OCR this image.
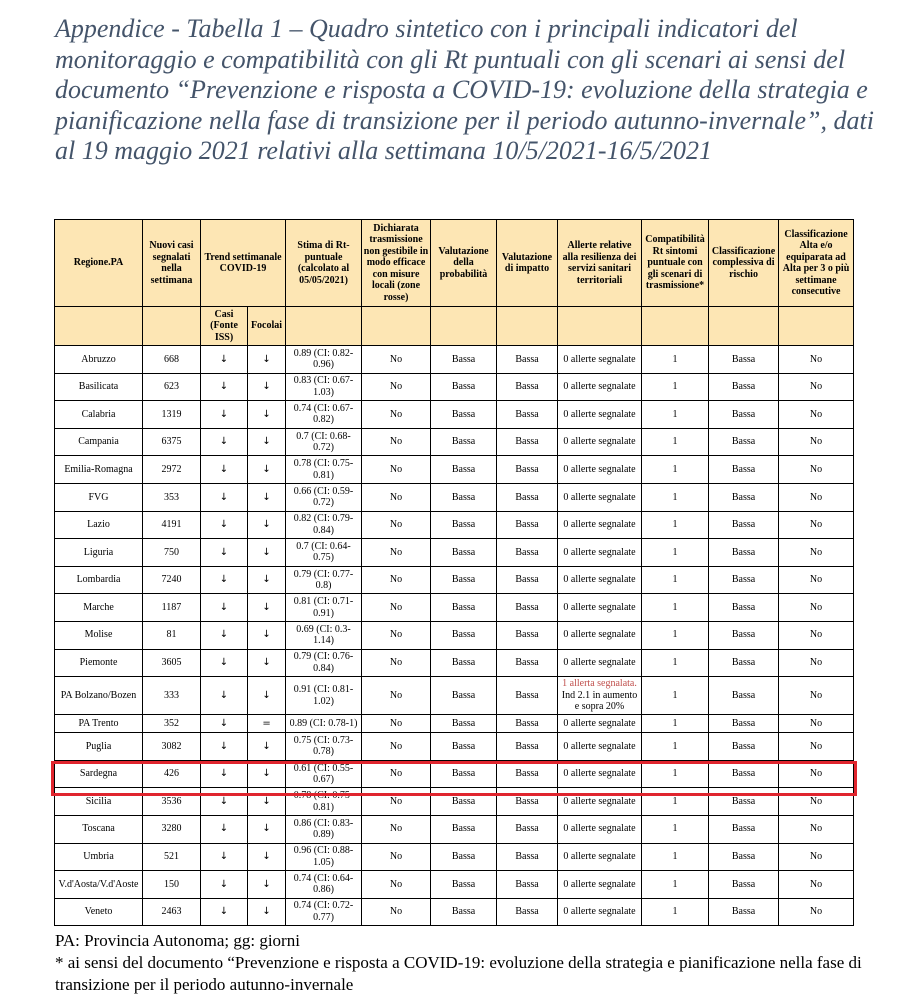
Appendice - Tabella 1 – Quadro sintetico con i principali indicatori del monitoraggio e compatibilità con gli Rt puntuali con gli scenari ai sensi del documento “Prevenzione e risposta a COVID-19: evoluzione della strategia e pianificazione nella fase di transizione per il periodo autunno-invernale”, dati al 19 maggio 2021 relativi alla settimana 10/5/2021-16/5/2021
Regione.PA	Nuovi casi segnalati nella settimana	Trend settimanale COVID-19		Stima di Rt-puntuale (calcolato al 05/05/2021)	Dichiarata trasmissione non gestibile in modo efficace con misure locali (zone rosse)	Valutazione della probabilità	Valutazione di impatto	Allerte relative alla resilienza dei servizi sanitari territoriali	Compatibilità Rt sintomi puntuale con gli scenari di trasmissione*	Classificazione complessiva di rischio	Classificazione Alta e/o equiparata ad Alta per 3 o più settimane consecutive
		Casi (Fonte ISS)	Focolai								
Abruzzo	668	↓	↓	0.89 (CI: 0.82-0.96)	No	Bassa	Bassa	0 allerte segnalate	1	Bassa	No
Basilicata	623	↓	↓	0.83 (CI: 0.67-1.03)	No	Bassa	Bassa	0 allerte segnalate	1	Bassa	No
Calabria	1319	↓	↓	0.74 (CI: 0.67-0.82)	No	Bassa	Bassa	0 allerte segnalate	1	Bassa	No
Campania	6375	↓	↓	0.7 (CI: 0.68-0.72)	No	Bassa	Bassa	0 allerte segnalate	1	Bassa	No
Emilia-Romagna	2972	↓	↓	0.78 (CI: 0.75-0.81)	No	Bassa	Bassa	0 allerte segnalate	1	Bassa	No
FVG	353	↓	↓	0.66 (CI: 0.59-0.72)	No	Bassa	Bassa	0 allerte segnalate	1	Bassa	No
Lazio	4191	↓	↓	0.82 (CI: 0.79-0.84)	No	Bassa	Bassa	0 allerte segnalate	1	Bassa	No
Liguria	750	↓	↓	0.7 (CI: 0.64-0.75)	No	Bassa	Bassa	0 allerte segnalate	1	Bassa	No
Lombardia	7240	↓	↓	0.79 (CI: 0.77-0.8)	No	Bassa	Bassa	0 allerte segnalate	1	Bassa	No
Marche	1187	↓	↓	0.81 (CI: 0.71-0.91)	No	Bassa	Bassa	0 allerte segnalate	1	Bassa	No
Molise	81	↓	↓	0.69 (CI: 0.3-1.14)	No	Bassa	Bassa	0 allerte segnalate	1	Bassa	No
Piemonte	3605	↓	↓	0.79 (CI: 0.76-0.84)	No	Bassa	Bassa	0 allerte segnalate	1	Bassa	No
PA Bolzano/Bozen	333	↓	↓	0.91 (CI: 0.81-1.02)	No	Bassa	Bassa	1 allerta segnalata.
Ind 2.1 in aumento e sopra 20%	1	Bassa	No
PA Trento	352	↓	=	0.89 (CI: 0.78-1)	No	Bassa	Bassa	0 allerte segnalate	1	Bassa	No
Puglia	3082	↓	↓	0.75 (CI: 0.73-0.78)	No	Bassa	Bassa	0 allerte segnalate	1	Bassa	No
Sardegna	426	↓	↓	0.61 (CI: 0.55-0.67)	No	Bassa	Bassa	0 allerte segnalate	1	Bassa	No
Sicilia	3536	↓	↓	0.78 (CI: 0.75-0.81)	No	Bassa	Bassa	0 allerte segnalate	1	Bassa	No
Toscana	3280	↓	↓	0.86 (CI: 0.83-0.89)	No	Bassa	Bassa	0 allerte segnalate	1	Bassa	No
Umbria	521	↓	↓	0.96 (CI: 0.88-1.05)	No	Bassa	Bassa	0 allerte segnalate	1	Bassa	No
V.d'Aosta/V.d'Aoste	150	↓	↓	0.74 (CI: 0.64-0.86)	No	Bassa	Bassa	0 allerte segnalate	1	Bassa	No
Veneto	2463	↓	↓	0.74 (CI: 0.72-0.77)	No	Bassa	Bassa	0 allerte segnalate	1	Bassa	No

PA: Provincia Autonoma; gg: giorni

* ai sensi del documento “Prevenzione e risposta a COVID-19: evoluzione della strategia e pianificazione nella fase di transizione per il periodo autunno-invernale
